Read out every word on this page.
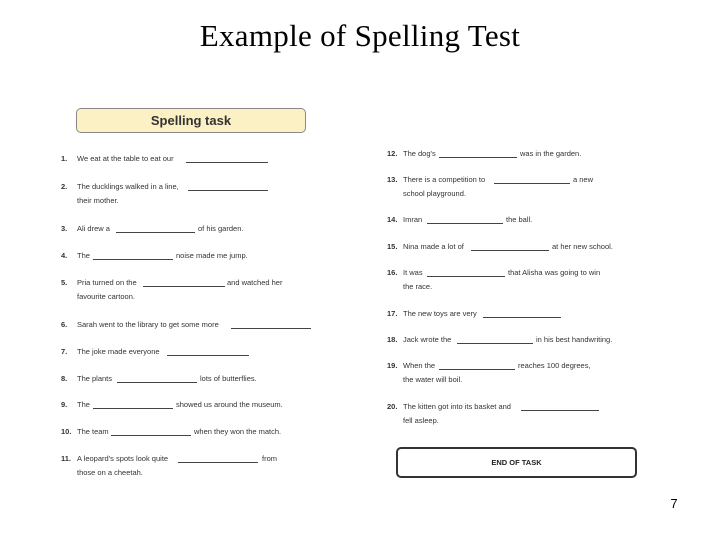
Example of Spelling Test
Spelling task
1. We eat at the table to eat our
2. The ducklings walked in a line,
their mother.
3. Ali drew a	of his garden.
4. The	noise made me jump.
5. Pria turned on the	and watched her
favourite cartoon.
6. Sarah went to the library to get some more
7. The joke made everyone
8. The plants	lots of butterflies.
9. The	showed us around the museum.
10. The team	when they won the match.
11. A leopard's spots look quite	from
those on a cheetah.
12. The dog's	was in the garden.
13. There is a competition to	a new
school playground.
14. Imran	the ball.
15. Nina made a lot of	at her new school.
16. It was	that Alisha was going to win
the race.
17. The new toys are very
18. Jack wrote the	in his best handwriting.
19. When the	reaches 100 degrees,
the water will boil.
20. The kitten got into its basket and
fell asleep.
END OF TASK
7
